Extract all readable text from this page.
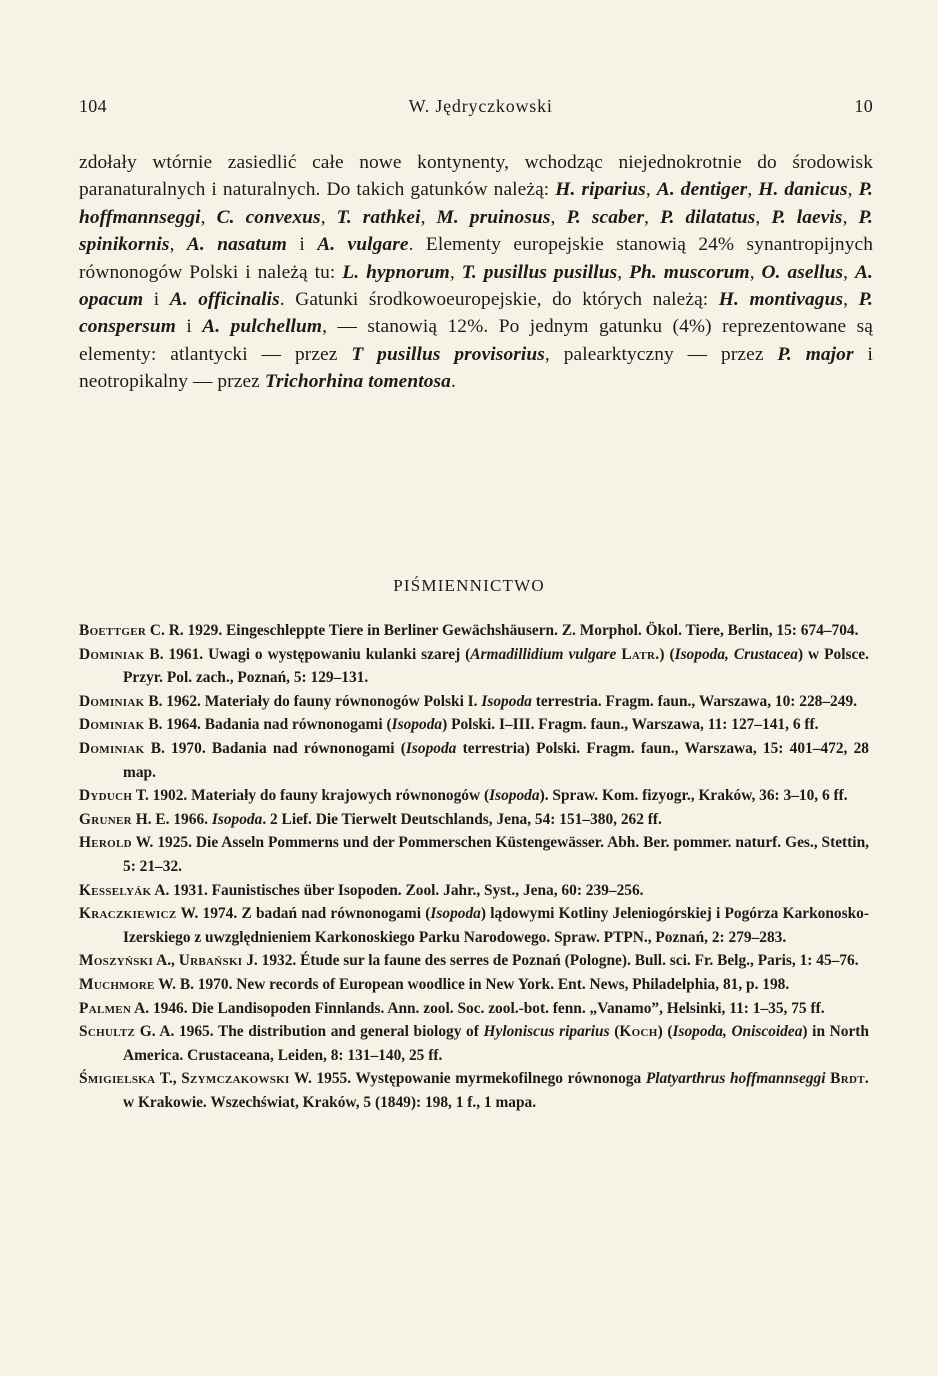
104	W. Jędryczkowski	10

zdołały wtórnie zasiedlić całe nowe kontynenty, wchodząc niejednokrotnie do środowisk paranaturalnych i naturalnych. Do takich gatunków należą: H. riparius, A. dentiger, H. danicus, P. hoffmannseggi, C. convexus, T. rathkei, M. pruinosus, P. scaber, P. dilatatus, P. laevis, P. spinikornis, A. nasatum i A. vulgare. Elementy europejskie stanowią 24% synantropijnych równonogów Polski i należą tu: L. hypnorum, T. pusillus pusillus, Ph. muscorum, O. asellus, A. opacum i A. officinalis. Gatunki środkowoeuropejskie, do których należą: H. montivagus, P. conspersum i A. pulchellum, — stanowią 12%. Po jednym gatunku (4%) reprezentowane są elementy: atlantycki — przez T pusillus provisorius, palearktyczny — przez P. major i neotropikalny — przez Trichorhina tomentosa.

PIŚMIENNICTWO

Boettger C. R. 1929. Eingeschleppte Tiere in Berliner Gewächshäusern. Z. Morphol. Ökol. Tiere, Berlin, 15: 674–704.

Dominiak B. 1961. Uwagi o występowaniu kulanki szarej (Armadillidium vulgare Latr.) (Isopoda, Crustacea) w Polsce. Przyr. Pol. zach., Poznań, 5: 129–131.

Dominiak B. 1962. Materiały do fauny równonogów Polski I. Isopoda terrestria. Fragm. faun., Warszawa, 10: 228–249.

Dominiak B. 1964. Badania nad równonogami (Isopoda) Polski. I–III. Fragm. faun., Warszawa, 11: 127–141, 6 ff.

Dominiak B. 1970. Badania nad równonogami (Isopoda terrestria) Polski. Fragm. faun., Warszawa, 15: 401–472, 28 map.

Dyduch T. 1902. Materiały do fauny krajowych równonogów (Isopoda). Spraw. Kom. fizyogr., Kraków, 36: 3–10, 6 ff.

Gruner H. E. 1966. Isopoda. 2 Lief. Die Tierwelt Deutschlands, Jena, 54: 151–380, 262 ff.

Herold W. 1925. Die Asseln Pommerns und der Pommerschen Küstengewässer. Abh. Ber. pommer. naturf. Ges., Stettin, 5: 21–32.

Kesselyák A. 1931. Faunistisches über Isopoden. Zool. Jahr., Syst., Jena, 60: 239–256.

Kraczkiewicz W. 1974. Z badań nad równonogami (Isopoda) lądowymi Kotliny Jeleniogórskiej i Pogórza Karkonosko-Izerskiego z uwzględnieniem Karkonoskiego Parku Narodowego. Spraw. PTPN., Poznań, 2: 279–283.

Moszyński A., Urbański J. 1932. Étude sur la faune des serres de Poznań (Pologne). Bull. sci. Fr. Belg., Paris, 1: 45–76.

Muchmore W. B. 1970. New records of European woodlice in New York. Ent. News, Philadelphia, 81, p. 198.

Palmen A. 1946. Die Landisopoden Finnlands. Ann. zool. Soc. zool.-bot. fenn. „Vanamo”, Helsinki, 11: 1–35, 75 ff.

Schultz G. A. 1965. The distribution and general biology of Hyloniscus riparius (Koch) (Isopoda, Oniscoidea) in North America. Crustaceana, Leiden, 8: 131–140, 25 ff.

Śmigielska T., Szymczakowski W. 1955. Występowanie myrmekofilnego równonoga Platyarthrus hoffmannseggi Brdt. w Krakowie. Wszechświat, Kraków, 5 (1849): 198, 1 f., 1 mapa.
